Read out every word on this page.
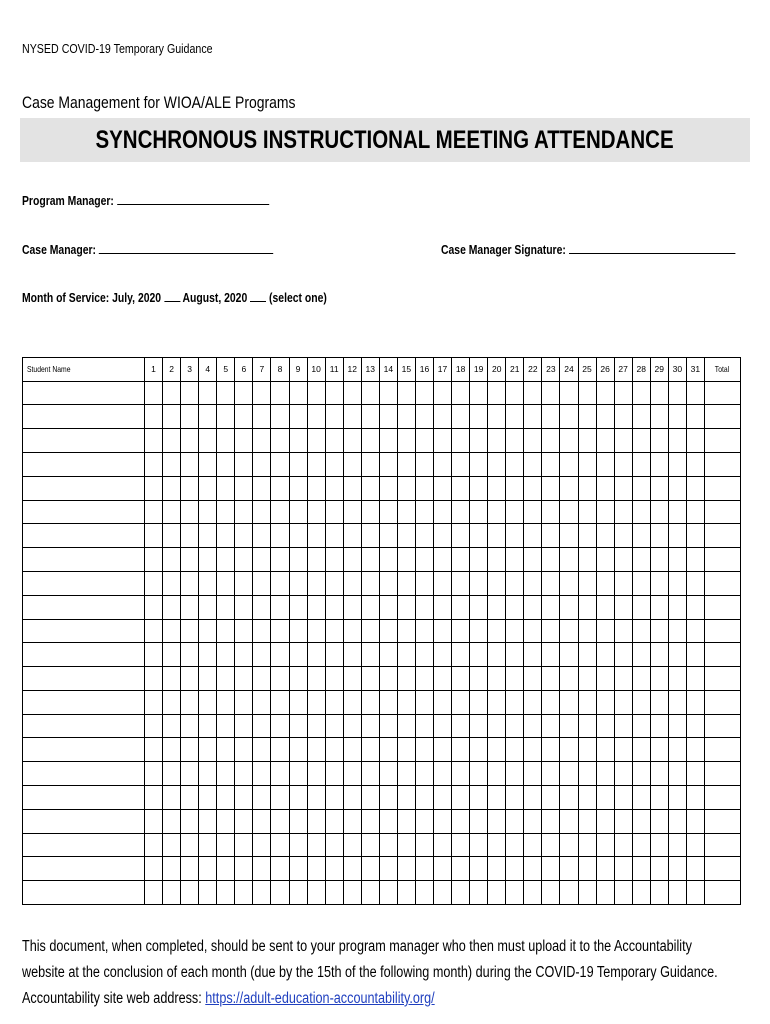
NYSED COVID-19 Temporary Guidance
Case Management for WIOA/ALE Programs
SYNCHRONOUS INSTRUCTIONAL MEETING ATTENDANCE
Program Manager:
Case Manager:	Case Manager Signature:
Month of Service: July, 2020 August, 2020 (select one)
Student Name	1	2	3	4	5	6	7	8	9	10	11	12	13	14	15	16	17	18	19	20	21	22	23	24	25	26	27	28	29	30	31	Total

This document, when completed, should be sent to your program manager who then must upload it to the Accountability
website at the conclusion of each month (due by the 15th of the following month) during the COVID-19 Temporary Guidance.
Accountability site web address: https://adult-education-accountability.org/
